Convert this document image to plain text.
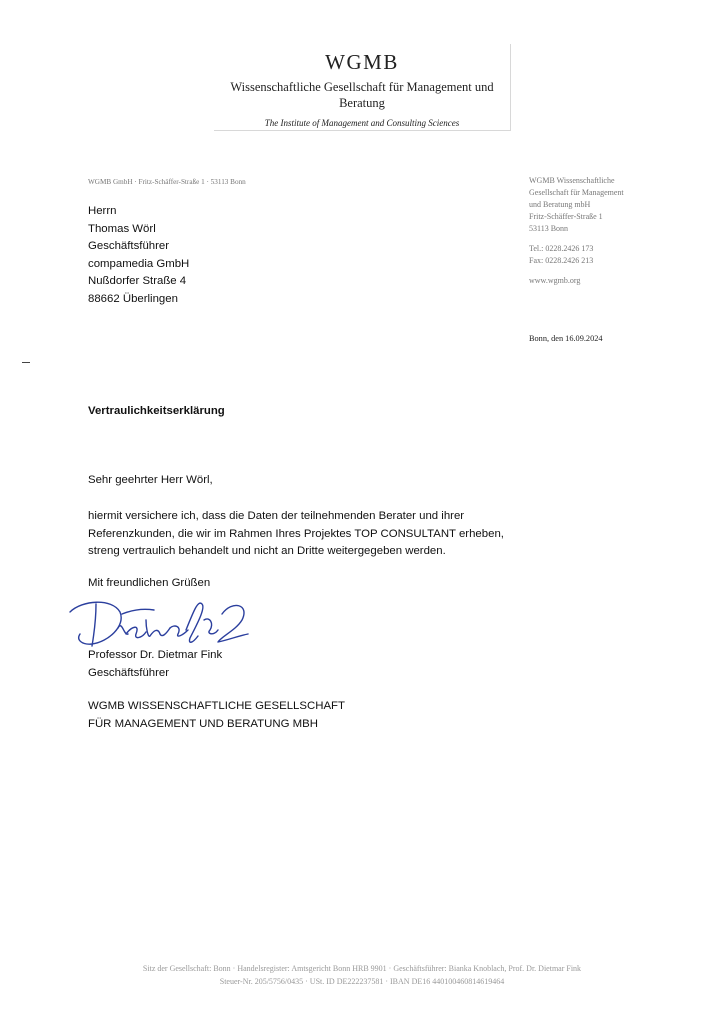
WGMB
Wissenschaftliche Gesellschaft für Management und Beratung
The Institute of Management and Consulting Sciences
WGMB GmbH · Fritz-Schäffer-Straße 1 · 53113 Bonn
Herrn
Thomas Wörl
Geschäftsführer
compamedia GmbH
Nußdorfer Straße 4
88662 Überlingen
WGMB Wissenschaftliche
Gesellschaft für Management
und Beratung mbH
Fritz-Schäffer-Straße 1
53113 Bonn
Tel.: 0228.2426 173
Fax: 0228.2426 213
www.wgmb.org
Bonn, den 16.09.2024
Vertraulichkeitserklärung
Sehr geehrter Herr Wörl,
hiermit versichere ich, dass die Daten der teilnehmenden Berater und ihrer
Referenzkunden, die wir im Rahmen Ihres Projektes TOP CONSULTANT erheben,
streng vertraulich behandelt und nicht an Dritte weitergegeben werden.
Mit freundlichen Grüßen
Professor Dr. Dietmar Fink
Geschäftsführer
WGMB WISSENSCHAFTLICHE GESELLSCHAFT
FÜR MANAGEMENT UND BERATUNG MBH
Sitz der Gesellschaft: Bonn · Handelsregister: Amtsgericht Bonn HRB 9901 · Geschäftsführer: Bianka Knoblach, Prof. Dr. Dietmar Fink
Steuer-Nr. 205/5756/0435 · USt. ID DE222237581 · IBAN DE16 440100460814619464
